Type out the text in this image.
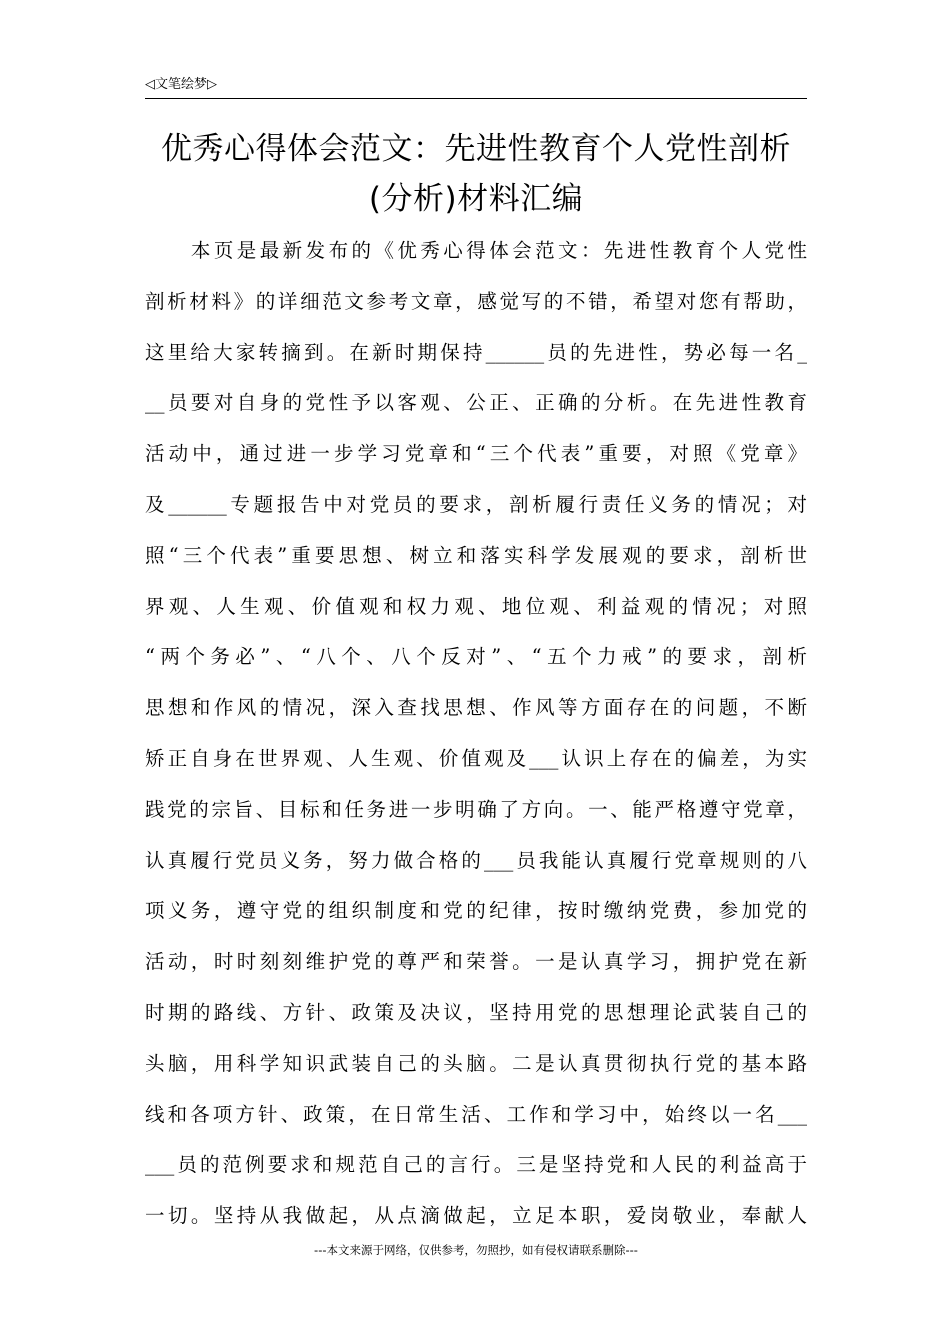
◁文笔绘梦▷
优秀心得体会范文：先进性教育个人党性剖析
(分析)材料汇编
　　本页是最新发布的《优秀心得体会范文：先进性教育个人党性
剖析材料》的详细范文参考文章，感觉写的不错，希望对您有帮助，
这里给大家转摘到。在新时期保持______员的先进性，势必每一名_
__员要对自身的党性予以客观、公正、正确的分析。在先进性教育
活动中，通过进一步学习党章和“三个代表”重要，对照《党章》
及______专题报告中对党员的要求，剖析履行责任义务的情况；对
照“三个代表”重要思想、树立和落实科学发展观的要求，剖析世
界观、人生观、价值观和权力观、地位观、利益观的情况；对照
“两个务必”、“八个、八个反对”、“五个力戒”的要求，剖析
思想和作风的情况，深入查找思想、作风等方面存在的问题，不断
矫正自身在世界观、人生观、价值观及___认识上存在的偏差，为实
践党的宗旨、目标和任务进一步明确了方向。一、能严格遵守党章，
认真履行党员义务，努力做合格的___员我能认真履行党章规则的八
项义务，遵守党的组织制度和党的纪律，按时缴纳党费，参加党的
活动，时时刻刻维护党的尊严和荣誉。一是认真学习，拥护党在新
时期的路线、方针、政策及决议，坚持用党的思想理论武装自己的
头脑，用科学知识武装自己的头脑。二是认真贯彻执行党的基本路
线和各项方针、政策，在日常生活、工作和学习中，始终以一名___
___员的范例要求和规范自己的言行。三是坚持党和人民的利益高于
一切。坚持从我做起，从点滴做起，立足本职，爱岗敬业，奉献人
---本文来源于网络，仅供参考，勿照抄，如有侵权请联系删除---
